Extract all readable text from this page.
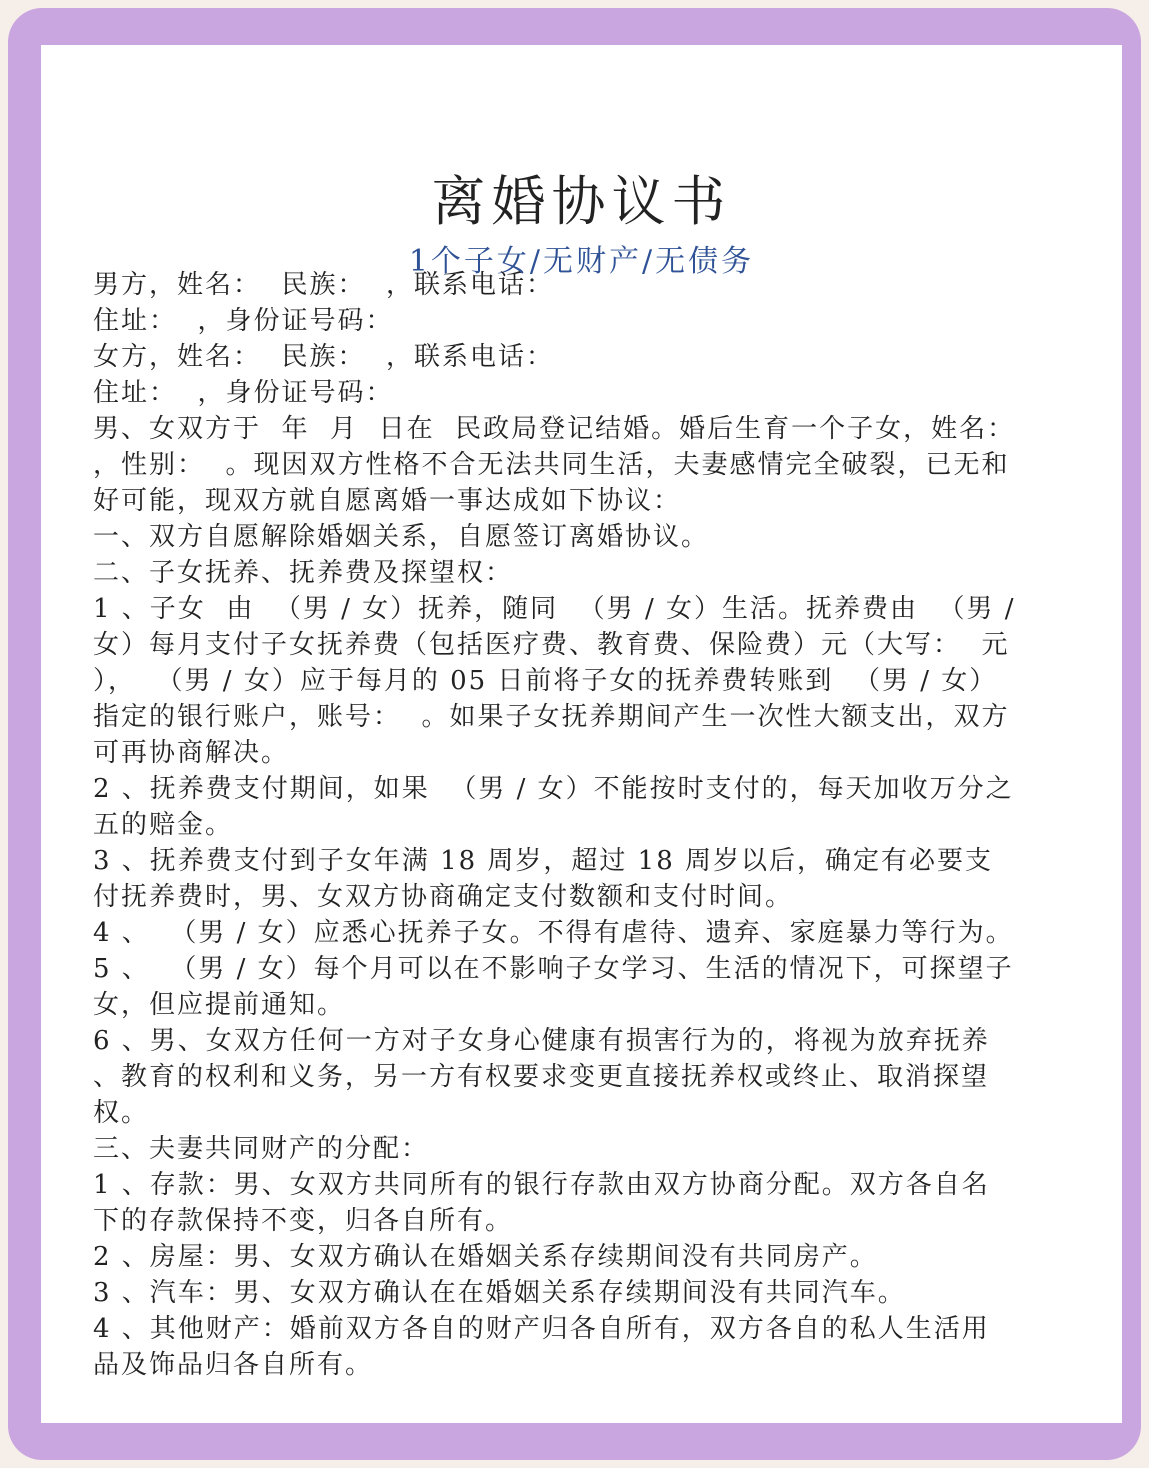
离婚协议书
1个子女/无财产/无债务
男方，姓名：  民族：  ，联系电话：
住址：  ，身份证号码：
女方，姓名：  民族：  ，联系电话：
住址：  ，身份证号码：
男、女双方于  年  月  日在  民政局登记结婚。婚后生育一个子女，姓名：
，性别：  。现因双方性格不合无法共同生活，夫妻感情完全破裂，已无和
好可能，现双方就自愿离婚一事达成如下协议：
一、双方自愿解除婚姻关系，自愿签订离婚协议。
二、子女抚养、抚养费及探望权：
1 、子女  由  （男 / 女）抚养，随同  （男 / 女）生活。抚养费由  （男 /
女）每月支付子女抚养费（包括医疗费、教育费、保险费）元（大写：  元
），  （男 / 女）应于每月的 05 日前将子女的抚养费转账到  （男 / 女）
指定的银行账户，账号：  。如果子女抚养期间产生一次性大额支出，双方
可再协商解决。
2 、抚养费支付期间，如果  （男 / 女）不能按时支付的，每天加收万分之
五的赔金。
3 、抚养费支付到子女年满 18 周岁，超过 18 周岁以后，确定有必要支
付抚养费时，男、女双方协商确定支付数额和支付时间。
4 、  （男 / 女）应悉心抚养子女。不得有虐待、遗弃、家庭暴力等行为。
5 、  （男 / 女）每个月可以在不影响子女学习、生活的情况下，可探望子
女，但应提前通知。
6 、男、女双方任何一方对子女身心健康有损害行为的，将视为放弃抚养
、教育的权利和义务，另一方有权要求变更直接抚养权或终止、取消探望
权。
三、夫妻共同财产的分配：
1 、存款：男、女双方共同所有的银行存款由双方协商分配。双方各自名
下的存款保持不变，归各自所有。
2 、房屋：男、女双方确认在婚姻关系存续期间没有共同房产。
3 、汽车：男、女双方确认在在婚姻关系存续期间没有共同汽车。
4 、其他财产：婚前双方各自的财产归各自所有，双方各自的私人生活用
品及饰品归各自所有。
